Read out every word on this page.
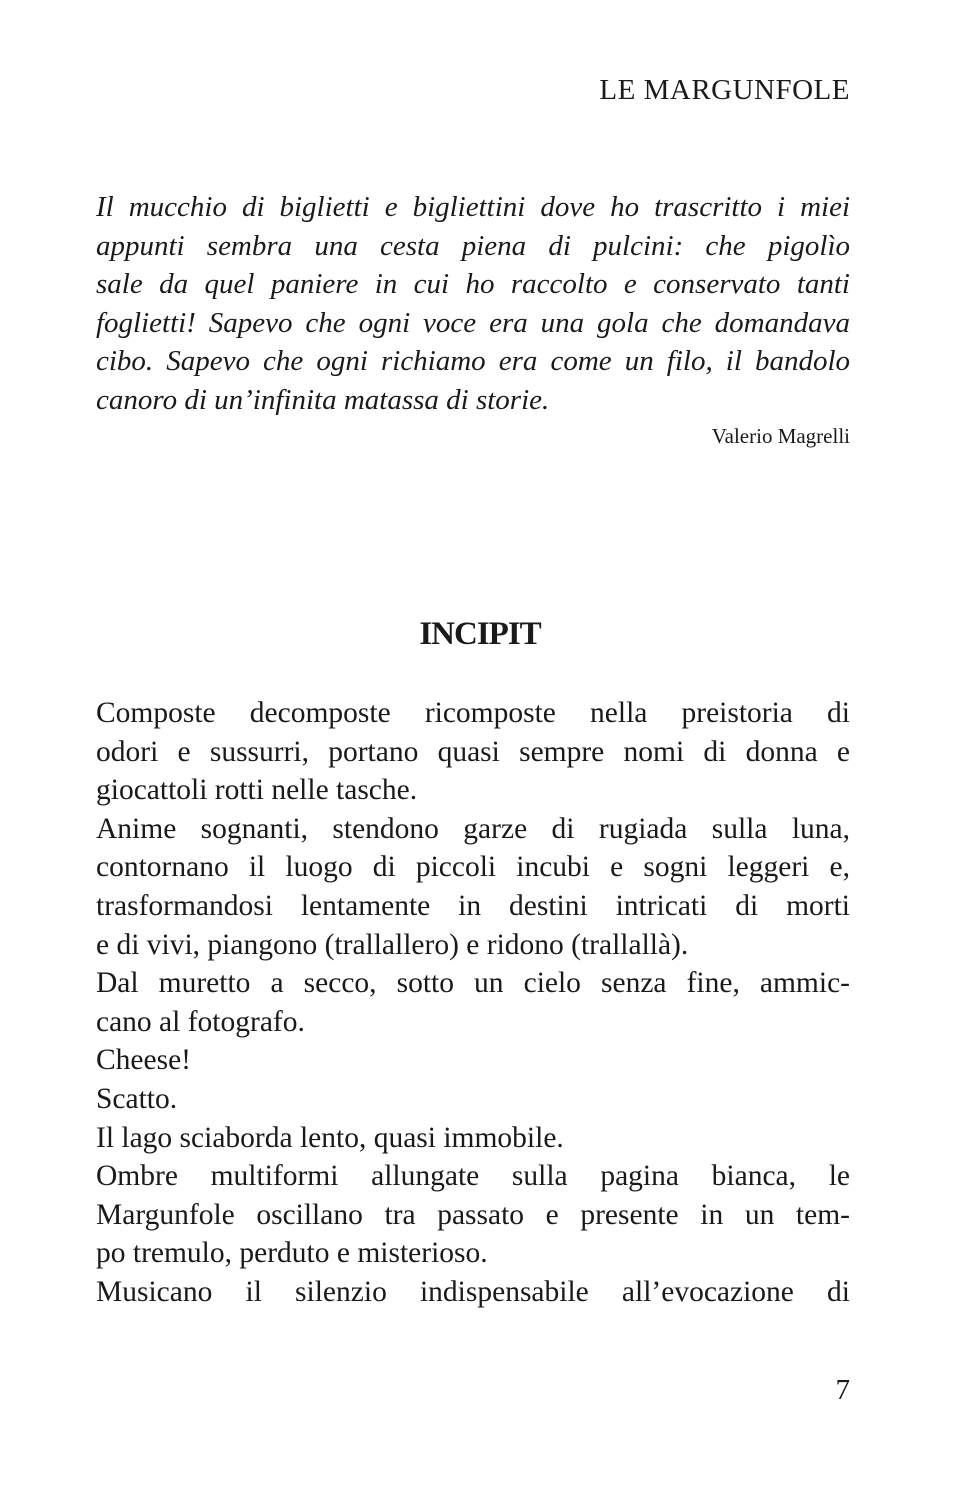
LE MARGUNFOLE
Il mucchio di biglietti e bigliettini dove ho trascritto i miei
appunti sembra una cesta piena di pulcini: che pigolìo
sale da quel paniere in cui ho raccolto e conservato tanti
foglietti! Sapevo che ogni voce era una gola che domandava
cibo. Sapevo che ogni richiamo era come un filo, il bandolo
canoro di un’infinita matassa di storie.
Valerio Magrelli
INCIPIT
Composte decomposte ricomposte nella preistoria di
odori e sussurri, portano quasi sempre nomi di donna e
giocattoli rotti nelle tasche.
Anime sognanti, stendono garze di rugiada sulla luna,
contornano il luogo di piccoli incubi e sogni leggeri e,
trasformandosi lentamente in destini intricati di morti
e di vivi, piangono (trallallero) e ridono (trallallà).
Dal muretto a secco, sotto un cielo senza fine, ammic-
cano al fotografo.
Cheese!
Scatto.
Il lago sciaborda lento, quasi immobile.
Ombre multiformi allungate sulla pagina bianca, le
Margunfole oscillano tra passato e presente in un tem-
po tremulo, perduto e misterioso.
Musicano il silenzio indispensabile all’evocazione di
7
